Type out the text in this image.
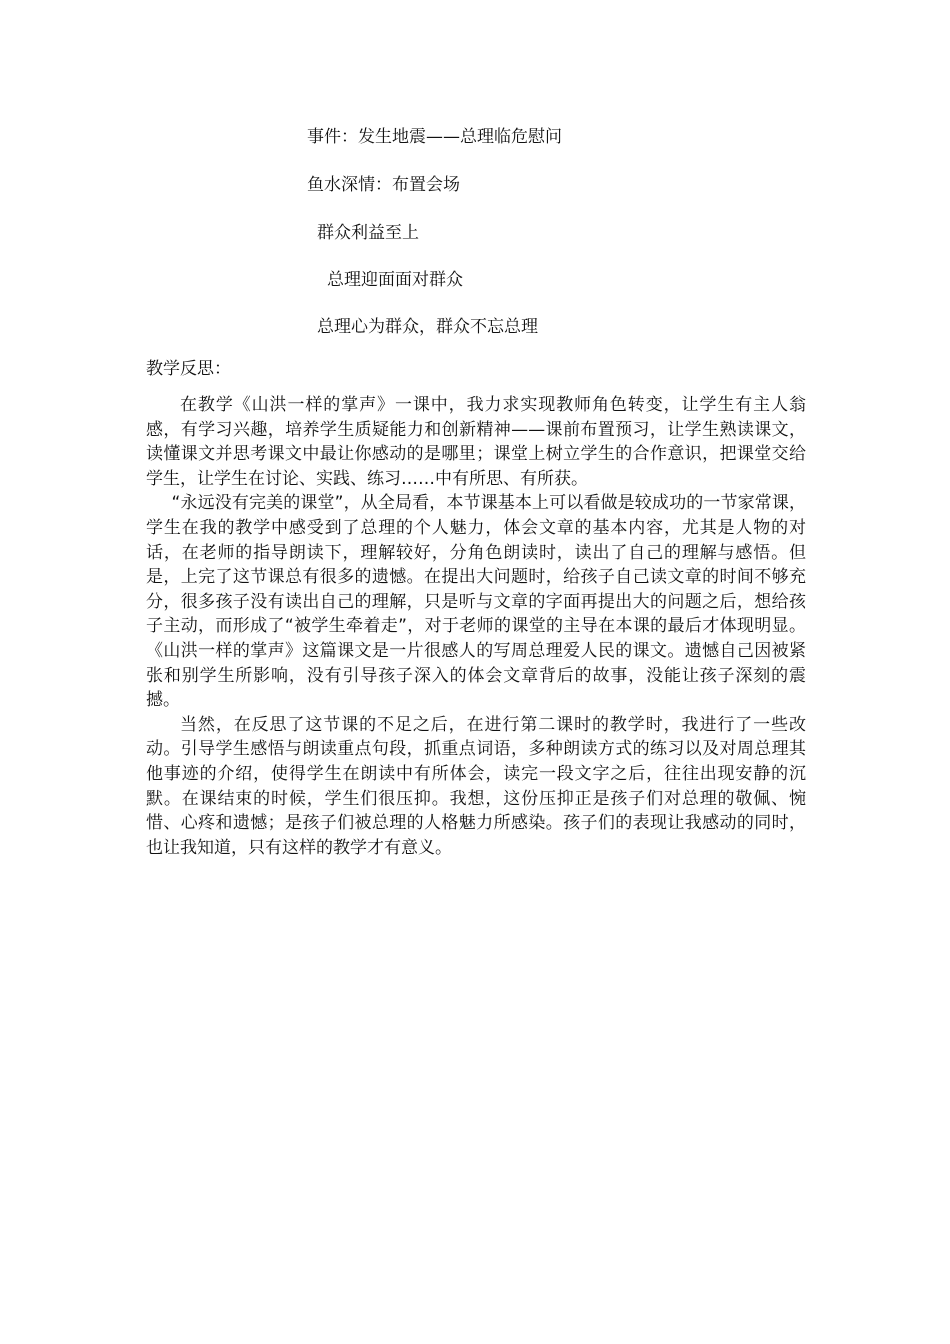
事件：发生地震——总理临危慰问
鱼水深情：布置会场
群众利益至上
总理迎面面对群众
总理心为群众，群众不忘总理
教学反思：

在教学《山洪一样的掌声》一课中，我力求实现教师角色转变，让学生有主人翁感，有学习兴趣，培养学生质疑能力和创新精神——课前布置预习，让学生熟读课文，读懂课文并思考课文中最让你感动的是哪里；课堂上树立学生的合作意识，把课堂交给学生，让学生在讨论、实践、练习……中有所思、有所获。

“永远没有完美的课堂”，从全局看，本节课基本上可以看做是较成功的一节家常课，学生在我的教学中感受到了总理的个人魅力，体会文章的基本内容，尤其是人物的对话，在老师的指导朗读下，理解较好，分角色朗读时，读出了自己的理解与感悟。但是，上完了这节课总有很多的遗憾。在提出大问题时，给孩子自己读文章的时间不够充分，很多孩子没有读出自己的理解，只是听与文章的字面再提出大的问题之后，想给孩子主动，而形成了“被学生牵着走”，对于老师的课堂的主导在本课的最后才体现明显。《山洪一样的掌声》这篇课文是一片很感人的写周总理爱人民的课文。遗憾自己因被紧张和别学生所影响，没有引导孩子深入的体会文章背后的故事，没能让孩子深刻的震撼。

当然，在反思了这节课的不足之后，在进行第二课时的教学时，我进行了一些改动。引导学生感悟与朗读重点句段，抓重点词语，多种朗读方式的练习以及对周总理其他事迹的介绍，使得学生在朗读中有所体会，读完一段文字之后，往往出现安静的沉默。在课结束的时候，学生们很压抑。我想，这份压抑正是孩子们对总理的敬佩、惋惜、心疼和遗憾；是孩子们被总理的人格魅力所感染。孩子们的表现让我感动的同时，也让我知道，只有这样的教学才有意义。
